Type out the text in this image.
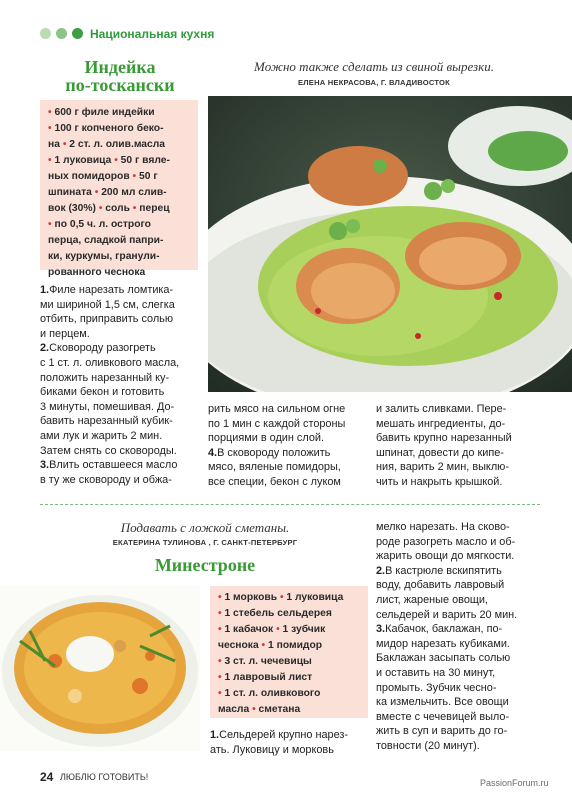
Национальная кухня
Индейка
по-тоскански
Можно также сделать из свиной вырезки.
ЕЛЕНА НЕКРАСОВА, Г. ВЛАДИВОСТОК
• 600 г филе индейки
• 100 г копченого беко-
на • 2 ст. л. олив.масла
• 1 луковица • 50 г вяле-
ных помидоров • 50 г
шпината • 200 мл слив-
вок (30%) • соль • перец
• по 0,5 ч. л. острого
перца, сладкой папри-
ки, куркумы, гранули-
рованного чеснока
1.Филе нарезать ломтика-
ми шириной 1,5 см, слегка
отбить, приправить солью
и перцем.
2.Сковороду разогреть
с 1 ст. л. оливкового масла,
положить нарезанный ку-
биками бекон и готовить
3 минуты, помешивая. До-
бавить нарезанный кубик-
ами лук и жарить 2 мин.
Затем снять со сковороды.
3.Влить оставшееся масло
в ту же сковороду и обжа-
рить мясо на сильном огне
по 1 мин с каждой стороны
порциями в один слой.
4.В сковороду положить
мясо, вяленые помидоры,
все специи, бекон с луком
и залить сливками. Пере-
мешать ингредиенты, до-
бавить крупно нарезанный
шпинат, довести до кипе-
ния, варить 2 мин, выклю-
чить и накрыть крышкой.
Подавать с ложкой сметаны.
ЕКАТЕРИНА ТУЛИНОВА , Г. САНКТ-ПЕТЕРБУРГ
Минестроне
• 1 морковь • 1 луковица
• 1 стебель сельдерея
• 1 кабачок • 1 зубчик
чеснока • 1 помидор
• 3 ст. л. чечевицы
• 1 лавровый лист
• 1 ст. л. оливкового
масла • сметана
1.Сельдерей крупно нарез-
ать. Луковицу и морковь
мелко нарезать. На сково-
роде разогреть масло и об-
жарить овощи до мягкости.
2.В кастрюле вскипятить
воду, добавить лавровый
лист, жареные овощи,
сельдерей и варить 20 мин.
3.Кабачок, баклажан, по-
мидор нарезать кубиками.
Баклажан засыпать солью
и оставить на 30 минут,
промыть. Зубчик чесно-
ка измельчить. Все овощи
вместе с чечевицей выло-
жить в суп и варить до го-
товности (20 минут).
24 ЛЮБЛЮ ГОТОВИТЬ!
PassionForum.ru
